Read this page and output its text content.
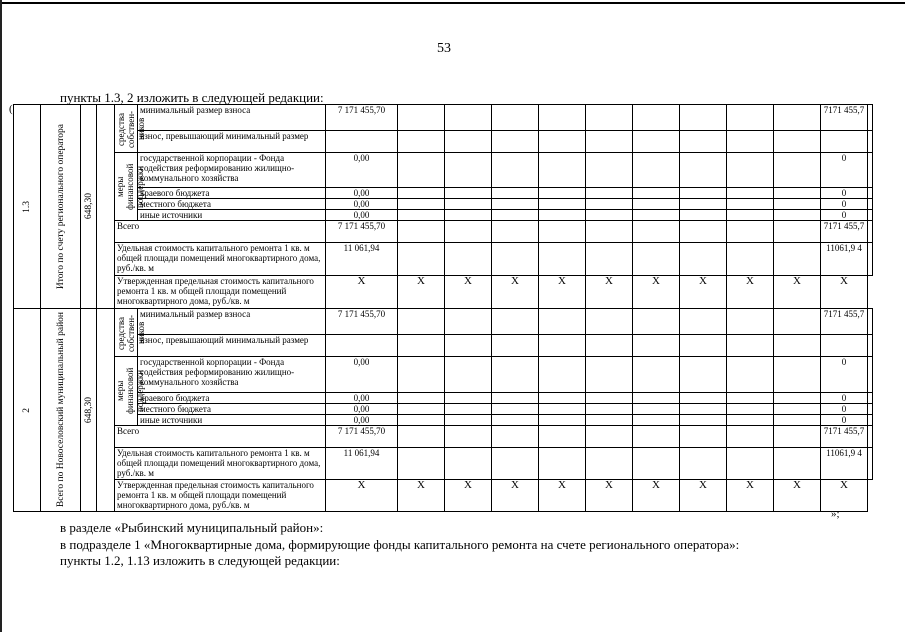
53
пункты 1.3, 2 изложить в следующей редакции:
(
»;
1.3	Итого по счету регионального оператора	648,30		средства собствен-ников	минимальный размер взноса	7 171 455,70										7171 455,7	
					взнос, превышающий минимальный размер												

				меры финансовой поддержки	государственной корпорации - Фонда содействия реформированию жилищно-коммунального хозяйства	0,00										0	
					краевого бюджета	0,00										0	
					местного бюджета	0,00										0	
					иные источники	0,00										0	
				Всего		7 171 455,70										7171 455,7	
				Удельная стоимость капитального ремонта 1 кв. м общей площади помещений многоквартирного дома, руб./кв. м		11 061,94										11061,9 4	
				Утвержденная предельная стоимость капитального ремонта 1 кв. м общей площади помещений многоквартирного дома, руб./кв. м		X	X	X	X	X	X	X	X	X	X	X	

2	Всего по Новоселовский муниципальный район	648,30		средства собствен-ников	минимальный размер взноса	7 171 455,70										7171 455,7	
					взнос, превышающий минимальный размер												

				меры финансовой поддержки	государственной корпорации - Фонда содействия реформированию жилищно-коммунального хозяйства	0,00										0	
					краевого бюджета	0,00										0	
					местного бюджета	0,00										0	
					иные источники	0,00										0	
				Всего		7 171 455,70										7171 455,7	
				Удельная стоимость капитального ремонта 1 кв. м общей площади помещений многоквартирного дома, руб./кв. м		11 061,94										11061,9 4	
				Утвержденная предельная стоимость капитального ремонта 1 кв. м общей площади помещений многоквартирного дома, руб./кв. м		X	X	X	X	X	X	X	X	X	X	X	
в разделе «Рыбинский муниципальный район»:
в подразделе 1 «Многоквартирные дома, формирующие фонды капитального ремонта на счете регионального оператора»:
пункты 1.2, 1.13 изложить в следующей редакции:
